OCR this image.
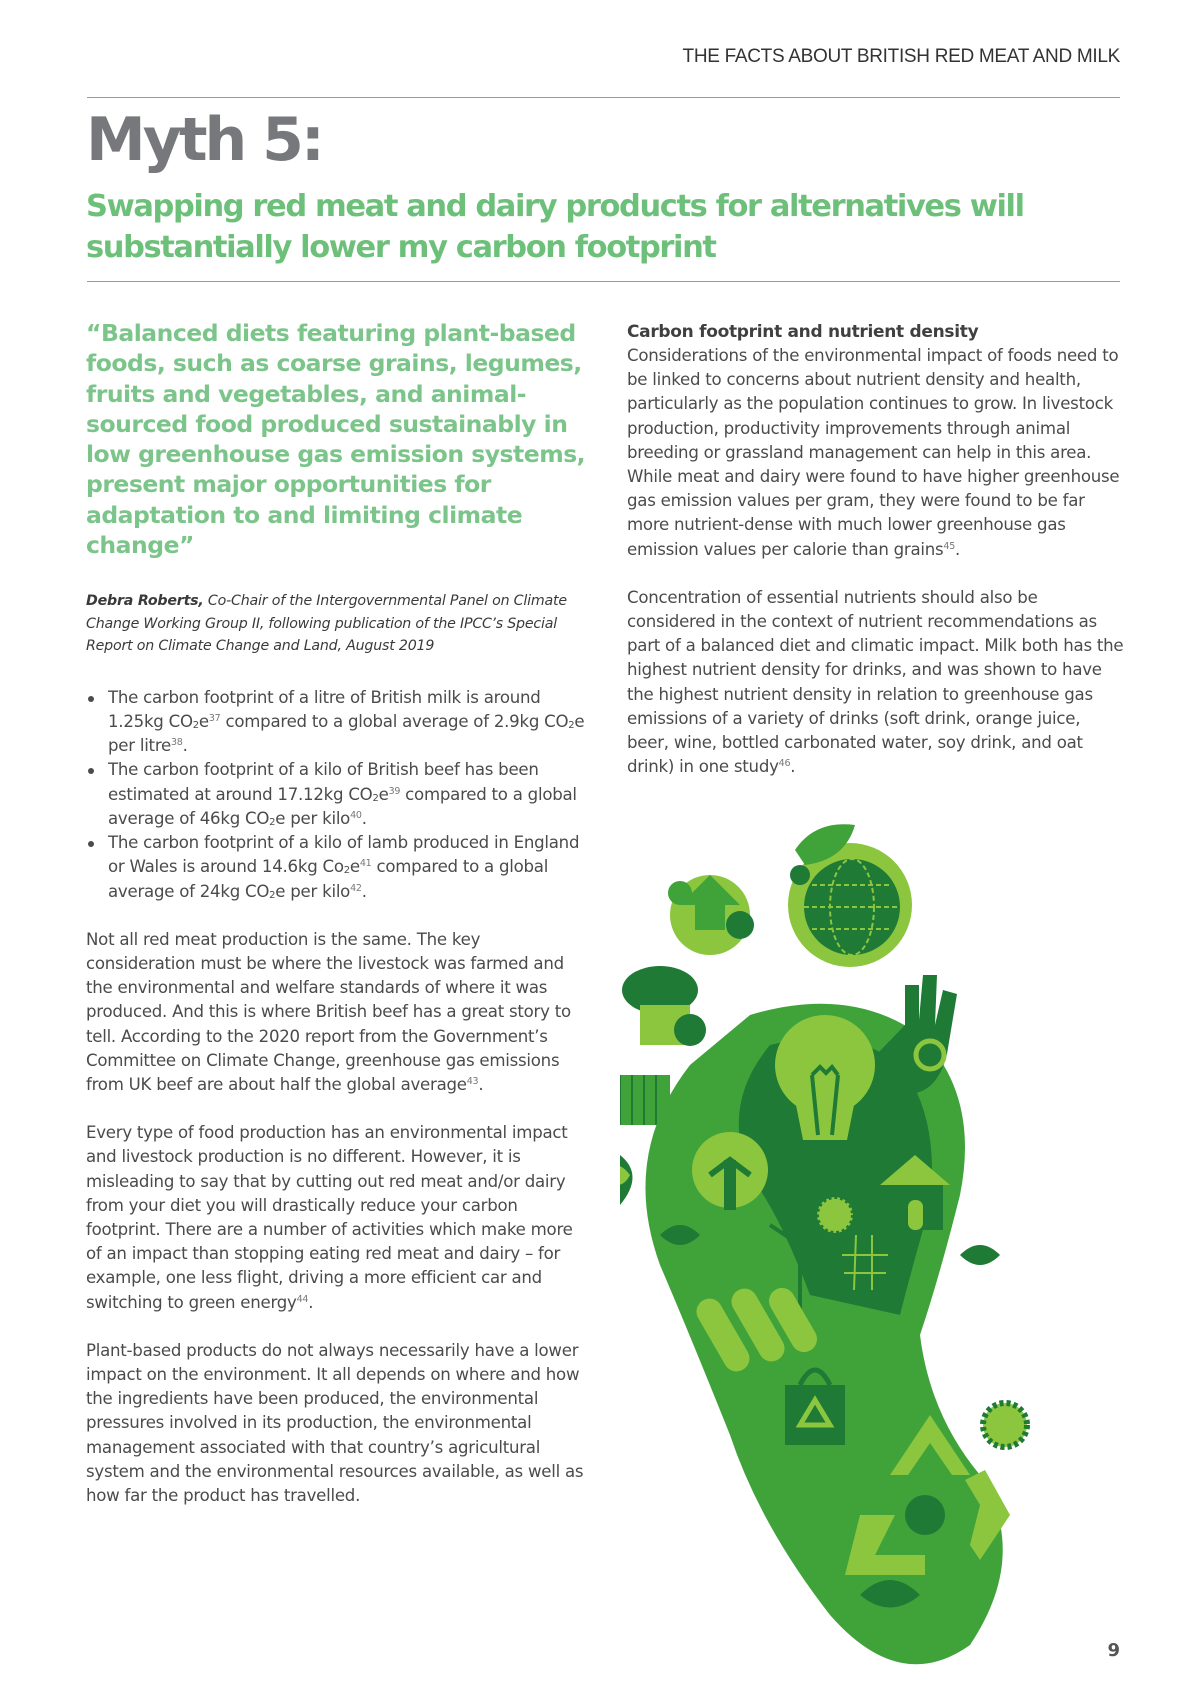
THE FACTS ABOUT BRITISH RED MEAT AND MILK
Myth 5:
Swapping red meat and dairy products for alternatives will substantially lower my carbon footprint

“Balanced diets featuring plant-based foods, such as coarse grains, legumes, fruits and vegetables, and animal-sourced food produced sustainably in low greenhouse gas emission systems, present major opportunities for adaptation to and limiting climate change”

Debra Roberts, Co-Chair of the Intergovernmental Panel on Climate Change Working Group II, following publication of the IPCC’s Special Report on Climate Change and Land, August 2019

The carbon footprint of a litre of British milk is around 1.25kg $CO_2e^{37}$ compared to a global average of 2.9kg $CO_2e$ per litre$^{38}$.
The carbon footprint of a kilo of British beef has been estimated at around 17.12kg $CO_2e^{39}$ compared to a global average of 46kg $CO_2e$ per kilo$^{40}$.
The carbon footprint of a kilo of lamb produced in England or Wales is around 14.6kg $Co_2e^{41}$ compared to a global average of 24kg $CO_2e$ per kilo$^{42}$.

Not all red meat production is the same. The key consideration must be where the livestock was farmed and the environmental and welfare standards of where it was produced. And this is where British beef has a great story to tell. According to the 2020 report from the Government’s Committee on Climate Change, greenhouse gas emissions from UK beef are about half the global average$^{43}$.

Every type of food production has an environmental impact and livestock production is no different. However, it is misleading to say that by cutting out red meat and/or dairy from your diet you will drastically reduce your carbon footprint. There are a number of activities which make more of an impact than stopping eating red meat and dairy – for example, one less flight, driving a more efficient car and switching to green energy$^{44}$.

Plant-based products do not always necessarily have a lower impact on the environment. It all depends on where and how the ingredients have been produced, the environmental pressures involved in its production, the environmental management associated with that country’s agricultural system and the environmental resources available, as well as how far the product has travelled.

Carbon footprint and nutrient density

Considerations of the environmental impact of foods need to be linked to concerns about nutrient density and health, particularly as the population continues to grow. In livestock production, productivity improvements through animal breeding or grassland management can help in this area. While meat and dairy were found to have higher greenhouse gas emission values per gram, they were found to be far more nutrient-dense with much lower greenhouse gas emission values per calorie than grains$^{45}$.

Concentration of essential nutrients should also be considered in the context of nutrient recommendations as part of a balanced diet and climatic impact. Milk both has the highest nutrient density for drinks, and was shown to have the highest nutrient density in relation to greenhouse gas emissions of a variety of drinks (soft drink, orange juice, beer, wine, bottled carbonated water, soy drink, and oat drink) in one study$^{46}$.

9
